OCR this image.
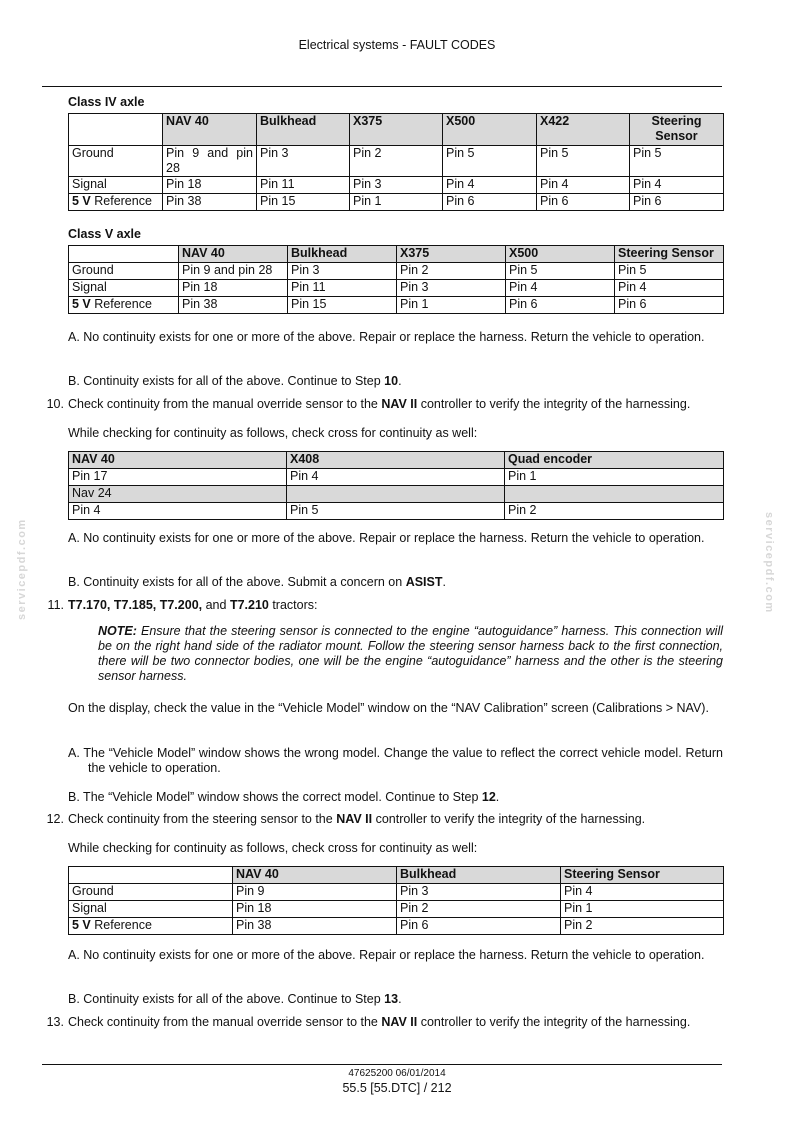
Electrical systems - FAULT CODES
Class IV axle
	NAV 40	Bulkhead	X375	X500	X422	Steering Sensor
Ground	Pin 9 and pin 28	Pin 3	Pin 2	Pin 5	Pin 5	Pin 5
Signal	Pin 18	Pin 11	Pin 3	Pin 4	Pin 4	Pin 4
5 V Reference	Pin 38	Pin 15	Pin 1	Pin 6	Pin 6	Pin 6
Class V axle
	NAV 40	Bulkhead	X375	X500	Steering Sensor
Ground	Pin 9 and pin 28	Pin 3	Pin 2	Pin 5	Pin 5
Signal	Pin 18	Pin 11	Pin 3	Pin 4	Pin 4
5 V Reference	Pin 38	Pin 15	Pin 1	Pin 6	Pin 6
A. No continuity exists for one or more of the above. Repair or replace the harness. Return the vehicle to operation.
B. Continuity exists for all of the above. Continue to Step 10.
10. Check continuity from the manual override sensor to the NAV II controller to verify the integrity of the harnessing.
While checking for continuity as follows, check cross for continuity as well:
NAV 40	X408	Quad encoder
Pin 17	Pin 4	Pin 1
Nav 24		
Pin 4	Pin 5	Pin 2
A. No continuity exists for one or more of the above. Repair or replace the harness. Return the vehicle to operation.
B. Continuity exists for all of the above. Submit a concern on ASIST.
11. T7.170, T7.185, T7.200, and T7.210 tractors:
NOTE: Ensure that the steering sensor is connected to the engine “autoguidance” harness. This connection will be on the right hand side of the radiator mount. Follow the steering sensor harness back to the first connection, there will be two connector bodies, one will be the engine “autoguidance” harness and the other is the steering sensor harness.
On the display, check the value in the “Vehicle Model” window on the “NAV Calibration” screen (Calibrations > NAV).
A. The “Vehicle Model” window shows the wrong model. Change the value to reflect the correct vehicle model. Return the vehicle to operation.
B. The “Vehicle Model” window shows the correct model. Continue to Step 12.
12. Check continuity from the steering sensor to the NAV II controller to verify the integrity of the harnessing.
While checking for continuity as follows, check cross for continuity as well:
	NAV 40	Bulkhead	Steering Sensor
Ground	Pin 9	Pin 3	Pin 4
Signal	Pin 18	Pin 2	Pin 1
5 V Reference	Pin 38	Pin 6	Pin 2
A. No continuity exists for one or more of the above. Repair or replace the harness. Return the vehicle to operation.
B. Continuity exists for all of the above. Continue to Step 13.
13. Check continuity from the manual override sensor to the NAV II controller to verify the integrity of the harnessing.
servicepdf.com	servicepdf.com
47625200 06/01/2014
55.5 [55.DTC] / 212
